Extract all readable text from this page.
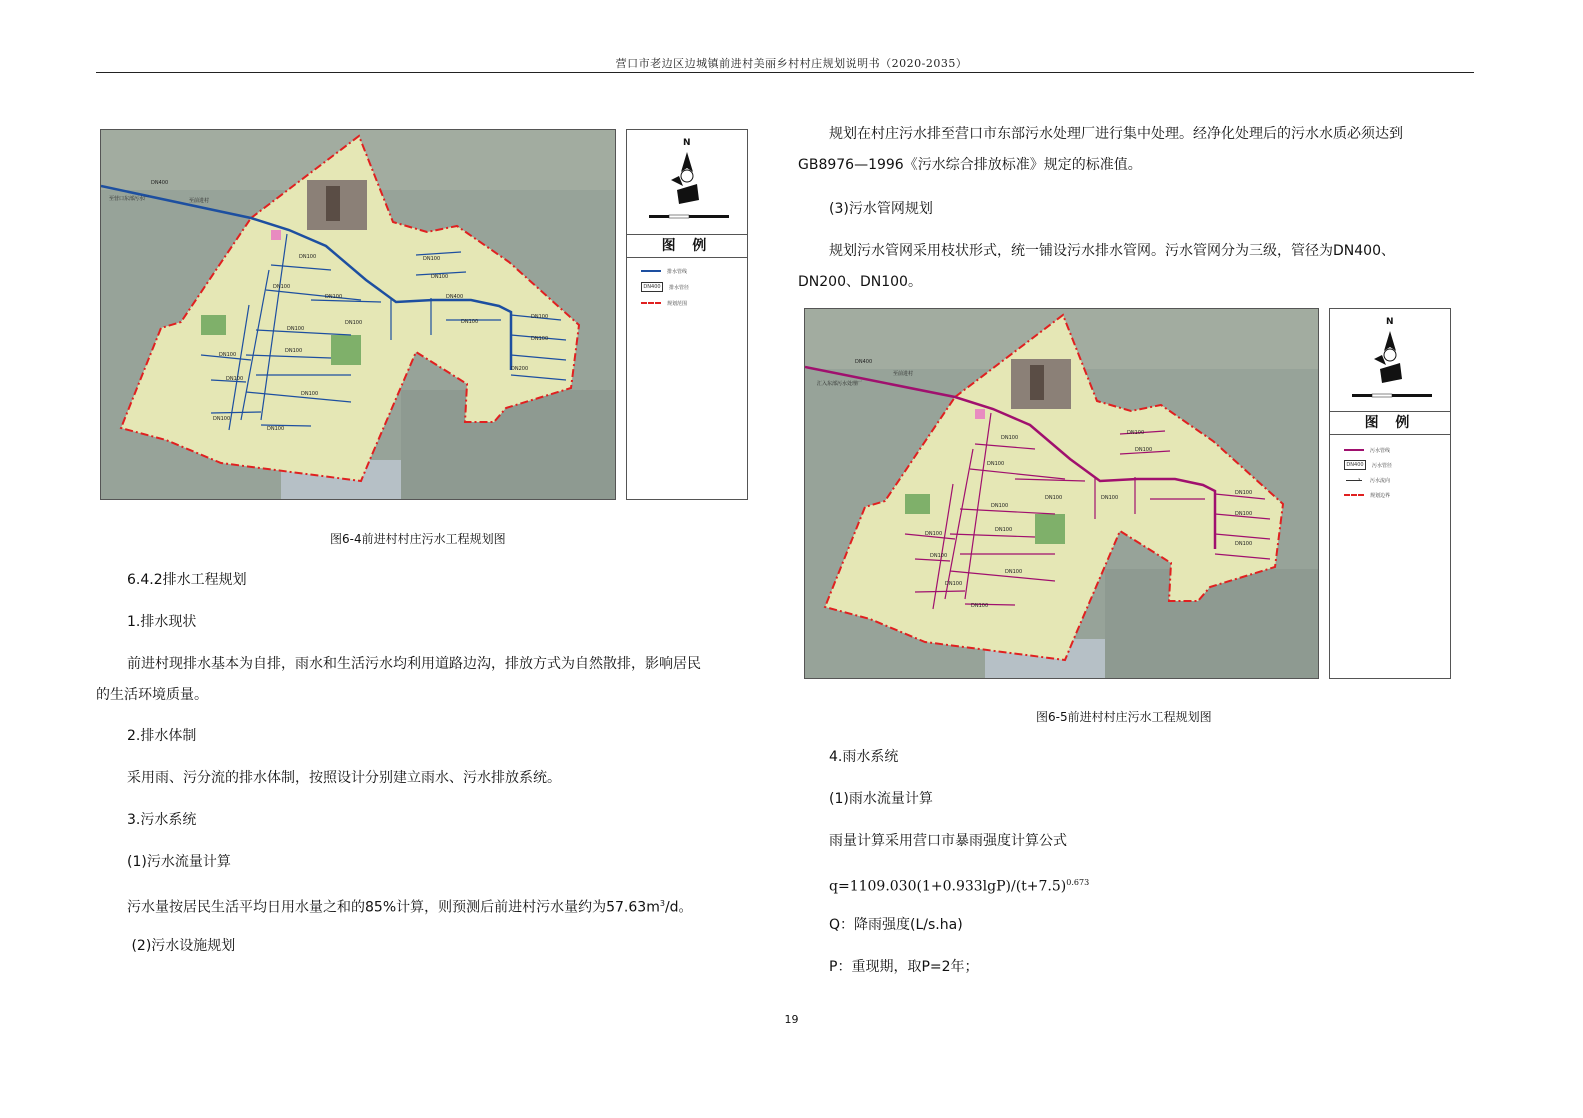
营口市老边区边城镇前进村美丽乡村村庄规划说明书（2020-2035）
DN400
至营口东部污水厂	至前进村
DN100
DN100
DN100
DN100
DN100
DN100
DN100
DN100
DN100
DN100
DN100
DN100
DN100
DN400
DN100
DN100
DN100
DN200
N
图 例
排水管线
DN400	排水管径
规划范围
图6-4前进村村庄污水工程规划图
6.4.2排水工程规划
1.排水现状
前进村现排水基本为自排，雨水和生活污水均利用道路边沟，排放方式为自然散排，影响居民
的生活环境质量。
2.排水体制
采用雨、污分流的排水体制，按照设计分别建立雨水、污水排放系统。
3.污水系统
(1)污水流量计算
污水量按居民生活平均日用水量之和的85%计算，则预测后前进村污水量约为$57.63m^3/d$。
(2)污水设施规划
规划在村庄污水排至营口市东部污水处理厂进行集中处理。经净化处理后的污水水质必须达到
GB8976—1996《污水综合排放标准》规定的标准值。
(3)污水管网规划
规划污水管网采用枝状形式，统一铺设污水排水管网。污水管网分为三级，管径为DN400、
DN200、DN100。
DN400
至前进村
汇入东部污水处理厂
DN100
DN100
DN100
DN100
DN100
DN100
DN100
DN100
DN100
DN100
DN100
DN100
DN100
DN100
DN100
DN100
N
图 例
污水管线
DN400	污水管径
› 污水流向
规划边界
图6-5前进村村庄污水工程规划图
4.雨水系统
(1)雨水流量计算
雨量计算采用营口市暴雨强度计算公式
$q=1109.030(1+0.933\lg P)/(t+7.5)^{0.673}$
Q：降雨强度(L/s.ha)
P：重现期，取P=2年；
19
